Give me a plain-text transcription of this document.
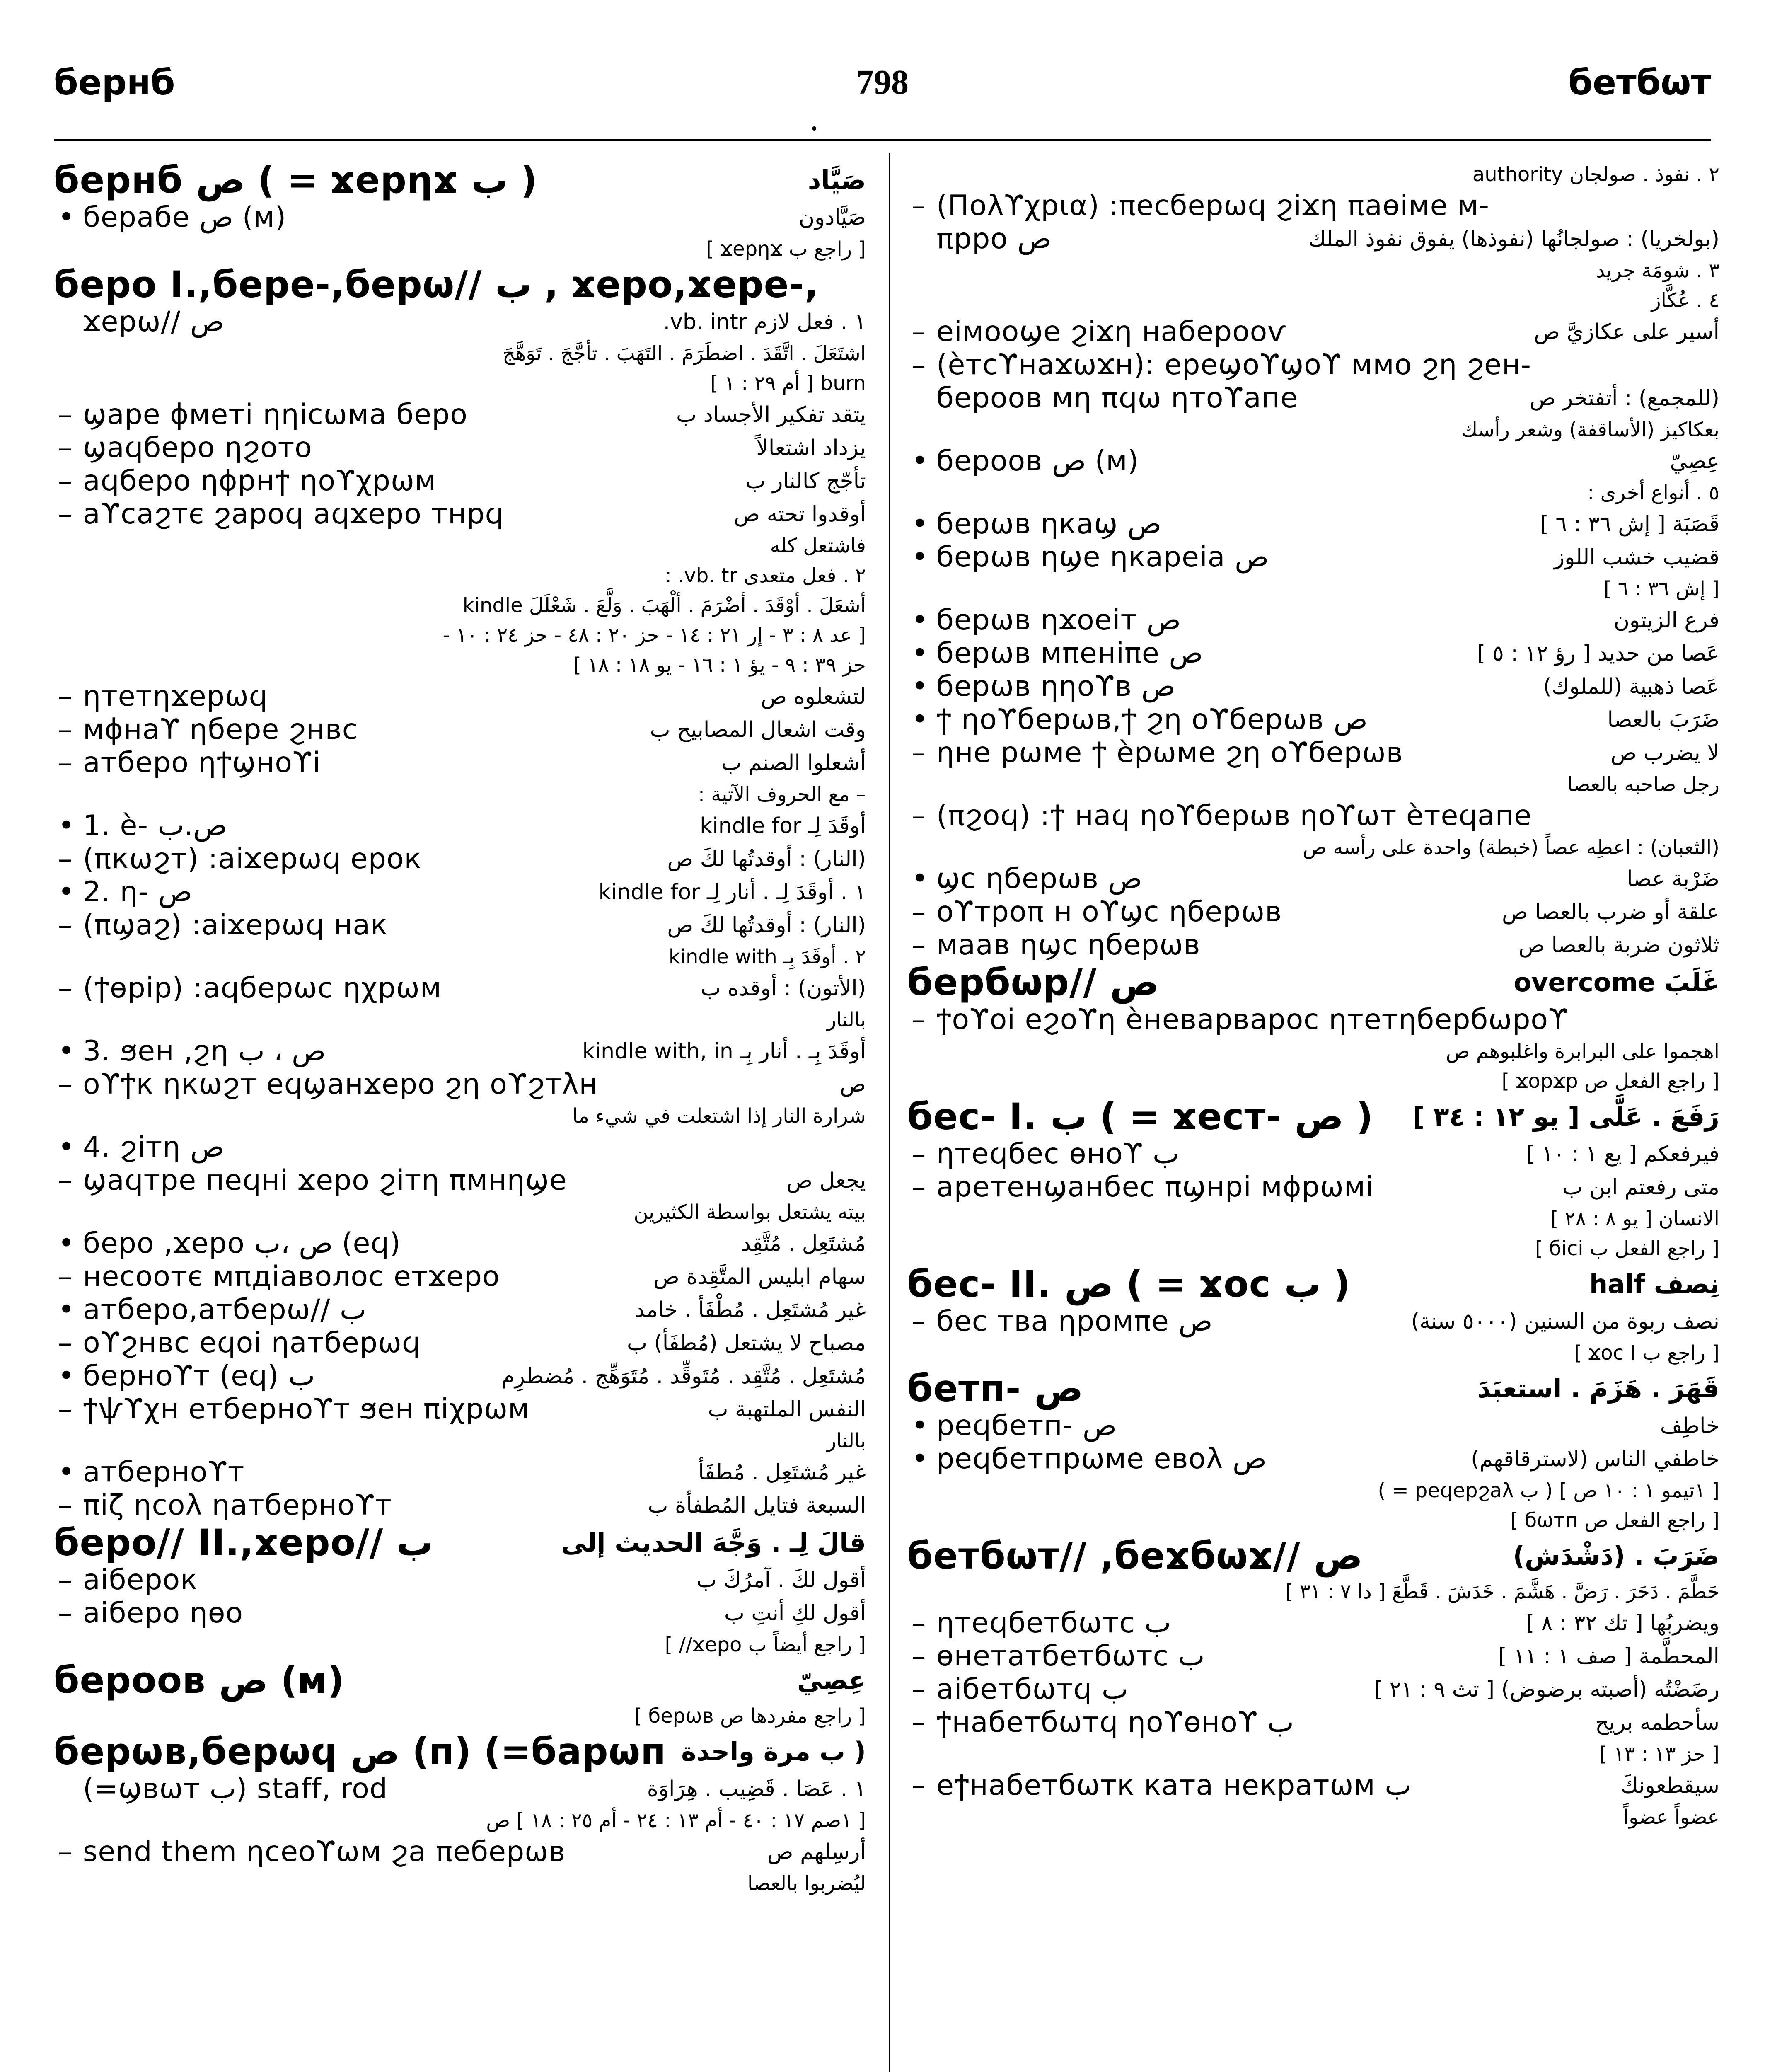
бернб	798	бетбωт
бернб ص ( = ϫерηϫ ب )	صَيَّاد
• берабе ص (м)	صَيَّادون
[ راجع ب ϫерηϫ ]
беро I.,бере-,берω// ب , ϫеро,ϫере-,
ϫерω// ص	١ . فعل لازم vb. intr.
اشتَعَلَ . اتَّقَدَ . اضطَرَمَ . التَهَبَ . تأجَّجَ . تَوَهَّجَ
burn [ أم ٢٩ : ١ ]
– ϣаре ϕметі ηηісωма беро	يتقد تفكير الأجساد ب
– ϣаϥберо ηϩото	يزداد اشتعالاً
– аϥберо ηϕрнϯ ηоϒχрωм	تأجّج كالنار ب
– аϒсаϩтє ϩароϥ аϥϫеро тнрϥ	أوقدوا تحته ص
فاشتعل كله
٢ . فعل متعدى vb. tr. :
أشعَلَ . أوْقَدَ . أضْرَمَ . ألْهَبَ . وَلَّعَ . شَعْلَلَ kindle
[ عد ٨ : ٣ - إر ٢١ : ١٤ - حز ٢٠ : ٤٨ - حز ٢٤ : ١٠ -
حز ٣٩ : ٩ - يؤ ١ : ١٦ - يو ١٨ : ١٨ ]
– ηтетηϫерωϥ	لتشعلوه ص
– мϕнаϒ ηбере ϩнвс	وقت اشعال المصابيح ب
– атберо ηϯϣноϒі	أشعلوا الصنم ب
– مع الحروف الآتية :
• 1. ѐ- ص.ب	أوقَدَ لِـ kindle for
– (πкωϩт) :аіϫерωϥ ерок	(النار) : أوقدتُها لكَ ص
• 2. η- ص	١ . أوقَدَ لِـ . أنار لِـ kindle for
– (πϣаϩ) :аіϫерωϥ нак	(النار) : أوقدتُها لكَ ص
٢ . أوقَدَ بِـ kindle with
– (ϯѳрір) :аϥберωс ηχрωм	(الأتون) : أوقده ب
بالنار
• 3. ϧен ,ϩη ص ، ب	أوقَدَ بِـ . أنار بِـ kindle with, in
– оϒϯк ηкωϩт еϥϣанϫеро ϩη оϒϩтλн	ص
شرارة النار إذا اشتعلت في شيء ما
• 4. ϩітη ص
– ϣаϥтре пеϥні ϫеро ϩітη πмнηϣе	يجعل ص
بيته يشتعل بواسطة الكثيرين
• беро ,ϫеро ص ،ب (еϥ)	مُشتَعِل . مُتَّقِد
– несоотє мπдіаволос етϫеро	سهام ابليس المتَّقِدة ص
• атберо,атберω// ب	غير مُشتَعِل . مُطْفَأ . خامد
– оϒϩнвс еϥоі ηатберωϥ	مصباح لا يشتعل (مُطفَأ) ب
• берноϒт (еϥ) ب	مُشتَعِل . مُتَّقِد . مُتَوقِّد . مُتَوَهِّج . مُضطرِم
– ϯѱϒχн етберноϒт ϧен πіχрωм	النفس الملتهبة ب
بالنار
• атберноϒт	غير مُشتَعِل . مُطفَأ
– πіζ ηсоλ ηатберноϒт	السبعة فتايل المُطفأة ب
беро// II.,ϫеро// ب	قالَ لِـ . وَجَّهَ الحديث إلى
– аіберок	أقول لكَ . آمرُكَ ب
– аіберо ηѳо	أقول لكِ أنتِ ب
[ راجع أيضاً ب ϫеро// ]
бероов ص (м)	عِصِيّ
[ راجع مفردها ص берωв ]
берωв,берωϥ ص (п) (=барωп ( ب مرة واحدة
(=ϣвωт ب) staff, rod	١ . عَصَا . قَضِيب . هِرَاوَة
[ ١صم ١٧ : ٤٠ - أم ١٣ : ٢٤ - أم ٢٥ : ١٨ ] ص
– send them ηсеоϒωм ϩа πеберωв	أرسِلهم ص
ليُضربوا بالعصا
٢ . نفوذ . صولجان authority
– (Πολϒχрια) :πесберωϥ ϩіϫη πаѳіме м-
πрро ص	(بولخريا) : صولجانُها (نفوذها) يفوق نفوذ الملك
٣ . شومَة جريد
٤ . عُكَّاز
– еімооϣе ϩіϫη наберооѵ	أسير على عكازيَّ ص
– (ѐтсϒнаϫωϫн): ереϣоϒϣоϒ ммо ϩη ϩен-
бероов мη πϥω ηтоϒапе	(للمجمع) : أتفتخر ص
بعكاكيز (الأساقفة) وشعر رأسك
• бероов ص (м)	عِصِيّ
٥ . أنواع أخرى :
• берωв ηкаϣ ص	قَصَبَة [ إش ٣٦ : ٦ ]
• берωв ηϣе ηкареіа ص	قضيب خشب اللوز
[ إش ٣٦ : ٦ ]
• берωв ηϫоеіт ص	فرع الزيتون
• берωв мπеніπе ص	عَصا من حديد [ رؤ ١٢ : ٥ ]
• берωв ηηоϒв ص	عَصا ذهبية (للملوك)
• ϯ ηоϒберωв,ϯ ϩη оϒберωв ص	ضَرَبَ بالعصا
– ηне рωме ϯ ѐрωме ϩη оϒберωв	لا يضرب ص
رجل صاحبه بالعصا
– (πϩоϥ) :ϯ наϥ ηоϒберωв ηоϒωт ѐтеϥапе
(الثعبان) : اعطِه عصاً (خبطة) واحدة على رأسه ص
• ϣс ηберωв ص	ضَرْبة عصا
– оϒтроπ н оϒϣс ηберωв	علقة أو ضرب بالعصا ص
– маав ηϣс ηберωв	ثلاثون ضربة بالعصا ص
бербωр// ص	غَلَبَ overcome
– ϯоϒоі еϩоϒη ѐневарварос ηтетηбербωроϒ
اهجموا على البرابرة واغلبوهم ص
[ راجع الفعل ص ϫорϫр ]
бес- I. ب ( = ϫест- ص ) رَفَعَ . عَلَّى [ يو ١٢ : ٣٤ ]
– ηтеϥбес ѳноϒ ب	فيرفعكم [ يع ١ : ١٠ ]
– аретенϣанбес πϣнрі мϕрωмі	متى رفعتم ابن ب
الانسان [ يو ٨ : ٢٨ ]
[ راجع الفعل ب бісі ]
бес- II. ص ( = ϫос ب )	نِصف half
– бес тва ηромπе ص	نصف ربوة من السنين (٥٠٠٠ سنة)
[ راجع ب ϫос I ]
бетп- ص	قَهَرَ . هَزَمَ . استعبَدَ
• реϥбетп- ص	خاطِف
• реϥбетпрωме евоλ ص	خاطفي الناس (لاسترقاقهم)
[ ١تيمو ١ : ١٠ ص ] ( ب реϥерϩаλ = )
[ راجع الفعل ص бωтп ]
бетбωт// ,беϫбωϫ// ص	ضَرَبَ . (دَشْدَش)
حَطَّمَ . دَحَرَ . رَضَّ . هَشَّمَ . خَدَشَ . قَطَّعَ [ دا ٧ : ٣١ ]
– ηтеϥбетбωтс ب	ويضربُها [ تك ٣٢ : ٨ ]
– ѳнетатбетбωтс ب	المحطَّمة [ صف ١ : ١١ ]
– аібетбωтϥ ب	رضَضْتُه (أصبته برضوض) [ تث ٩ : ٢١ ]
– ϯнабетбωтϥ ηоϒѳноϒ ب	سأحطمه بريح
[ حز ١٣ : ١٣ ]
– еϯнабетбωтк ката некратωм ب	سيقطعونكَ
عضواً عضواً
